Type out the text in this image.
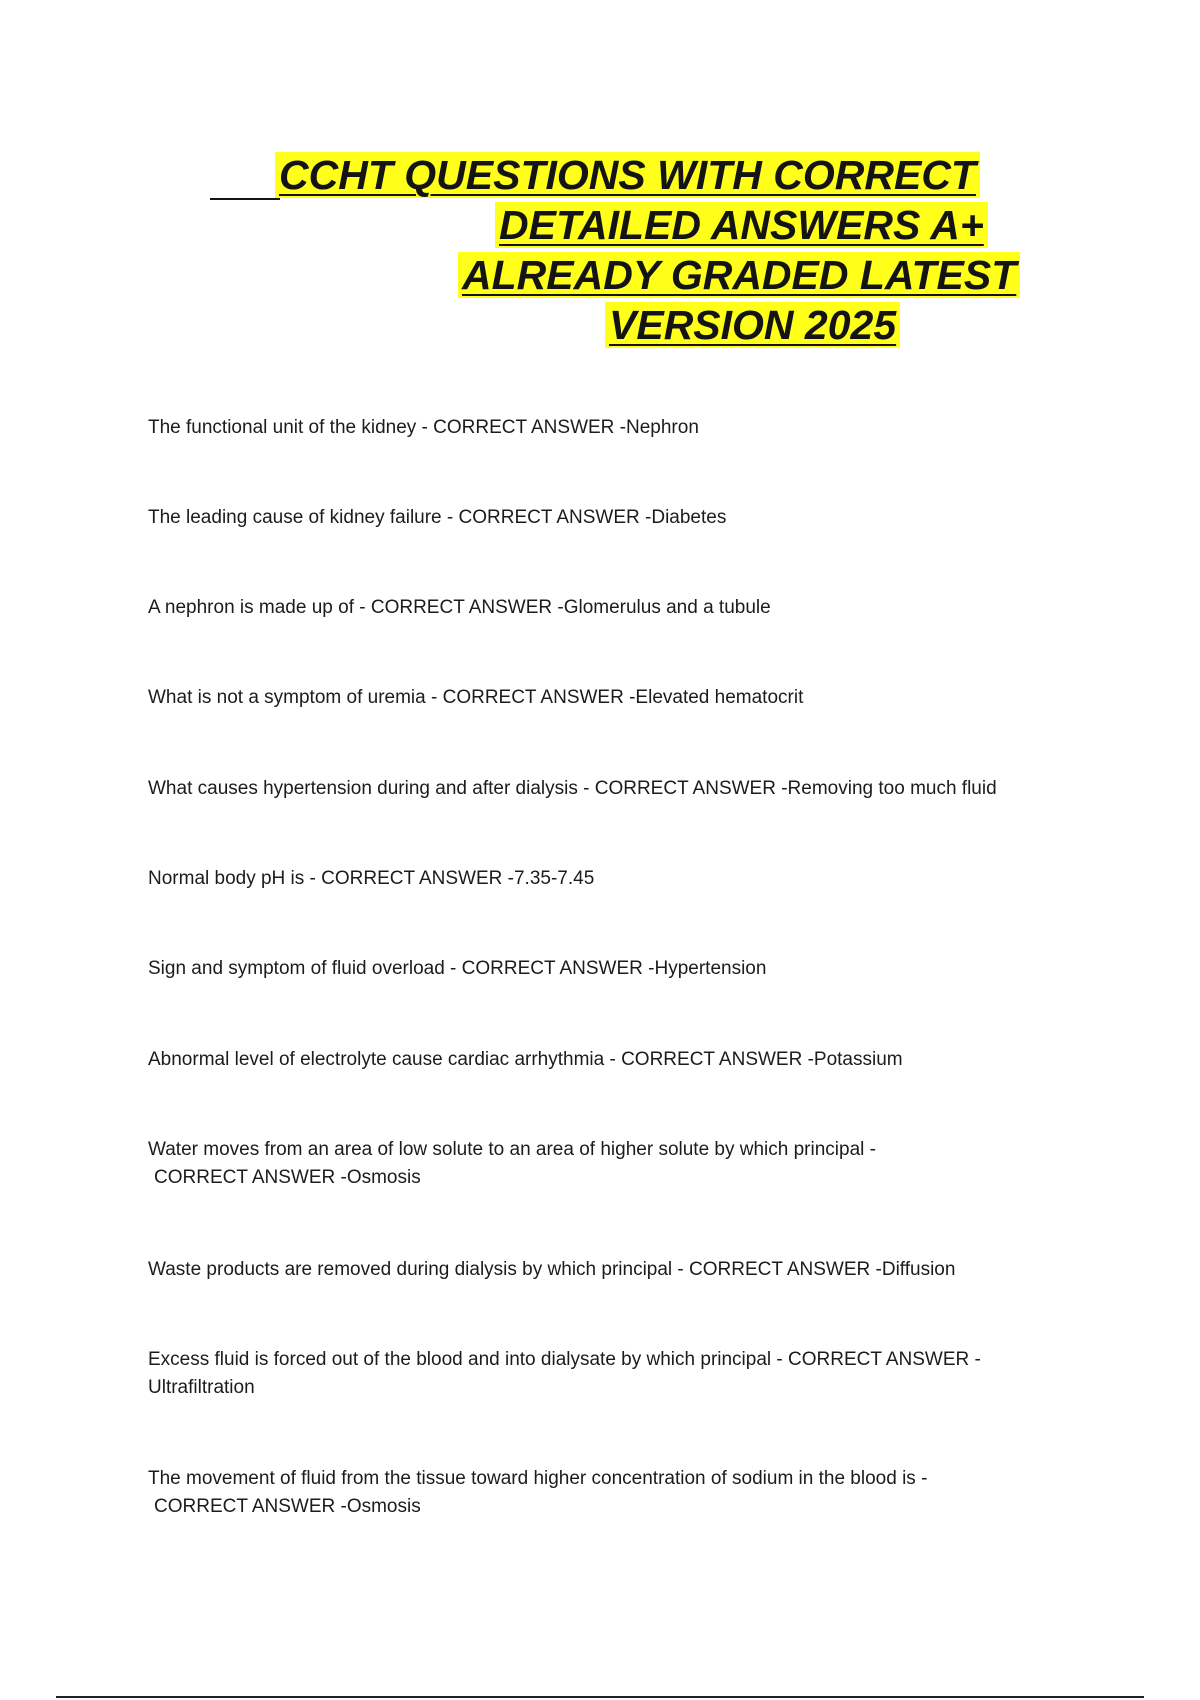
CCHT QUESTIONS WITH CORRECT
DETAILED ANSWERS A+
ALREADY GRADED LATEST
VERSION 2025
The functional unit of the kidney - CORRECT ANSWER -Nephron
The leading cause of kidney failure - CORRECT ANSWER -Diabetes
A nephron is made up of - CORRECT ANSWER -Glomerulus and a tubule
What is not a symptom of uremia - CORRECT ANSWER -Elevated hematocrit
What causes hypertension during and after dialysis - CORRECT ANSWER -Removing too much fluid
Normal body pH is - CORRECT ANSWER -7.35-7.45
Sign and symptom of fluid overload - CORRECT ANSWER -Hypertension
Abnormal level of electrolyte cause cardiac arrhythmia - CORRECT ANSWER -Potassium
Water moves from an area of low solute to an area of higher solute by which principal -
CORRECT ANSWER -Osmosis
Waste products are removed during dialysis by which principal - CORRECT ANSWER -Diffusion
Excess fluid is forced out of the blood and into dialysate by which principal - CORRECT ANSWER -
Ultrafiltration
The movement of fluid from the tissue toward higher concentration of sodium in the blood is -
CORRECT ANSWER -Osmosis
